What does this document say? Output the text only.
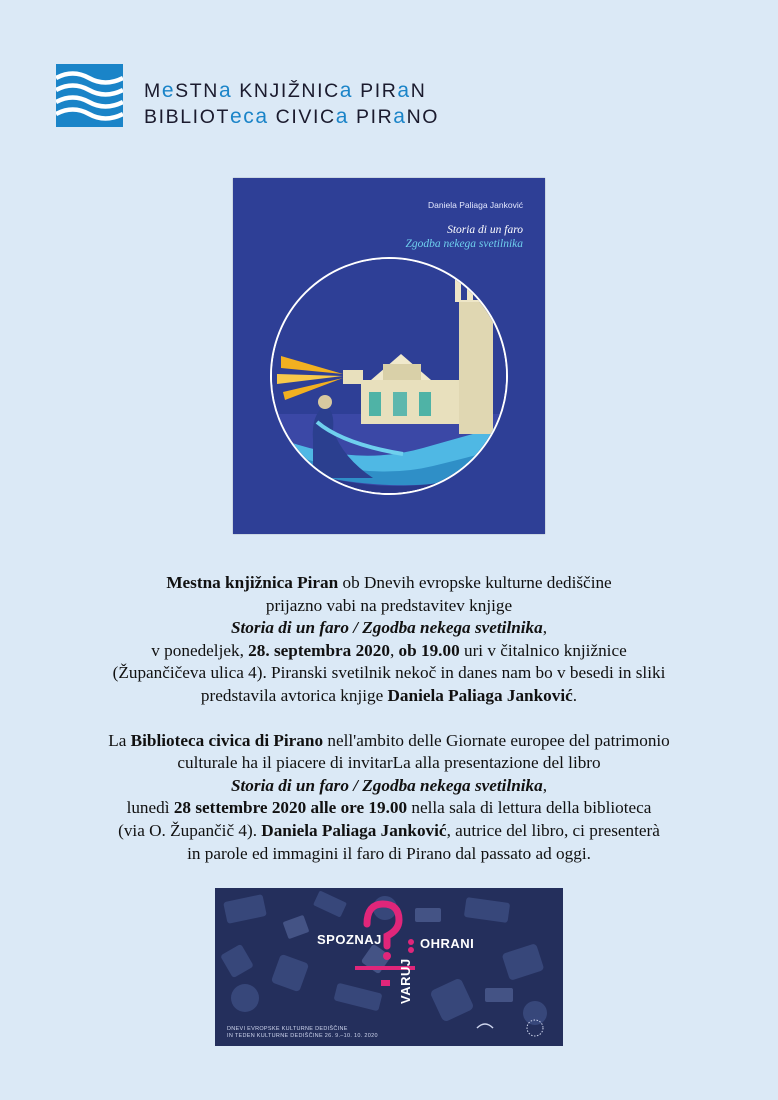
MeSTNa KNJIŽNICa PIRaN
BIBLIOTeca CIVICa PIRaNO
Daniela Paliaga Janković
Storia di un faro
Zgodba nekega svetilnika

Mestna knjižnica Piran ob Dnevih evropske kulturne dediščine
prijazno vabi na predstavitev knjige
Storia di un faro / Zgodba nekega svetilnika,
v ponedeljek, 28. septembra 2020, ob 19.00 uri v čitalnico knjižnice
(Župančičeva ulica 4). Piranski svetilnik nekoč in danes nam bo v besedi in sliki
predstavila avtorica knjige Daniela Paliaga Janković.

La Biblioteca civica di Pirano nell'ambito delle Giornate europee del patrimonio
culturale ha il piacere di invitarLa alla presentazione del libro
Storia di un faro / Zgodba nekega svetilnika,
lunedì 28 settembre 2020 alle ore 19.00 nella sala di lettura della biblioteca
(via O. Župančič 4). Daniela Paliaga Janković, autrice del libro, ci presenterà
in parole ed immagini il faro di Pirano dal passato ad oggi.

SPOZNAJ	OHRANI
VARUJ
DNEVI EVROPSKE KULTURNE DEDIŠČINE
IN TEDEN KULTURNE DEDIŠČINE 26. 9.–10. 10. 2020
